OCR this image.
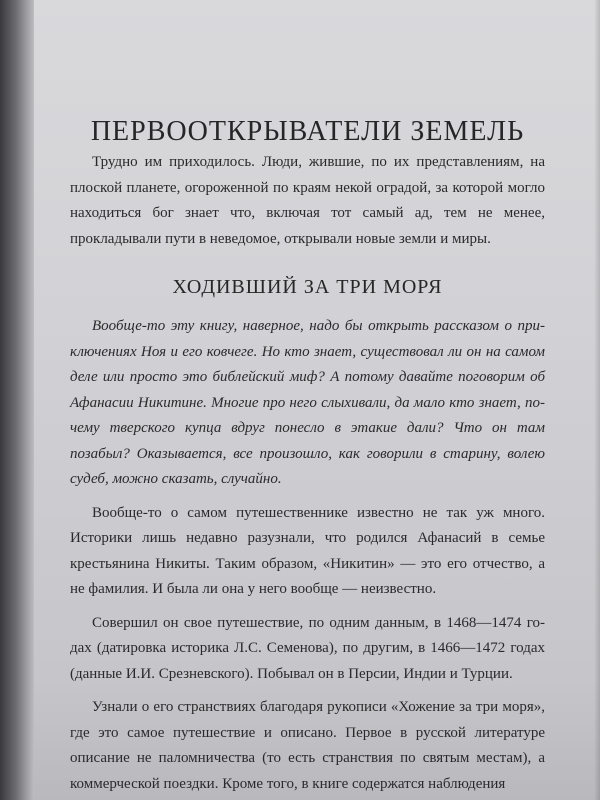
ПЕРВООТКРЫВАТЕЛИ ЗЕМЕЛЬ

Трудно им приходилось. Люди, жившие, по их представлениям, на плоской планете, огороженной по краям некой оградой, за которой могло находиться бог знает что, включая тот самый ад, тем не менее, прокладывали пути в неведомое, открывали новые земли и миры.

ХОДИВШИЙ ЗА ТРИ МОРЯ

Вообще-то эту книгу, наверное, надо бы открыть рассказом о приключениях Ноя и его ковчеге. Но кто знает, существовал ли он на самом деле или просто это библейский миф? А потому давайте поговорим об Афанасии Никитине. Многие про него слыхивали, да мало кто знает, почему тверского купца вдруг понесло в этакие дали? Что он там позабыл? Оказывается, все произошло, как говорили в старину, волею судеб, можно сказать, случайно.

Вообще-то о самом путешественнике известно не так уж много. Историки лишь недавно разузнали, что родился Афанасий в семье крестьянина Никиты. Таким образом, «Никитин» — это его отчество, а не фамилия. И была ли она у него вообще — неизвестно.

Совершил он свое путешествие, по одним данным, в 1468—1474 годах (датировка историка Л.С. Семенова), по другим, в 1466—1472 годах (данные И.И. Срезневского). Побывал он в Персии, Индии и Турции.

Узнали о его странствиях благодаря рукописи «Хожение за три моря», где это самое путешествие и описано. Первое в русской литературе описание не паломничества (то есть странствия по святым местам), а коммерческой поездки. Кроме того, в книге содержатся наблюдения
